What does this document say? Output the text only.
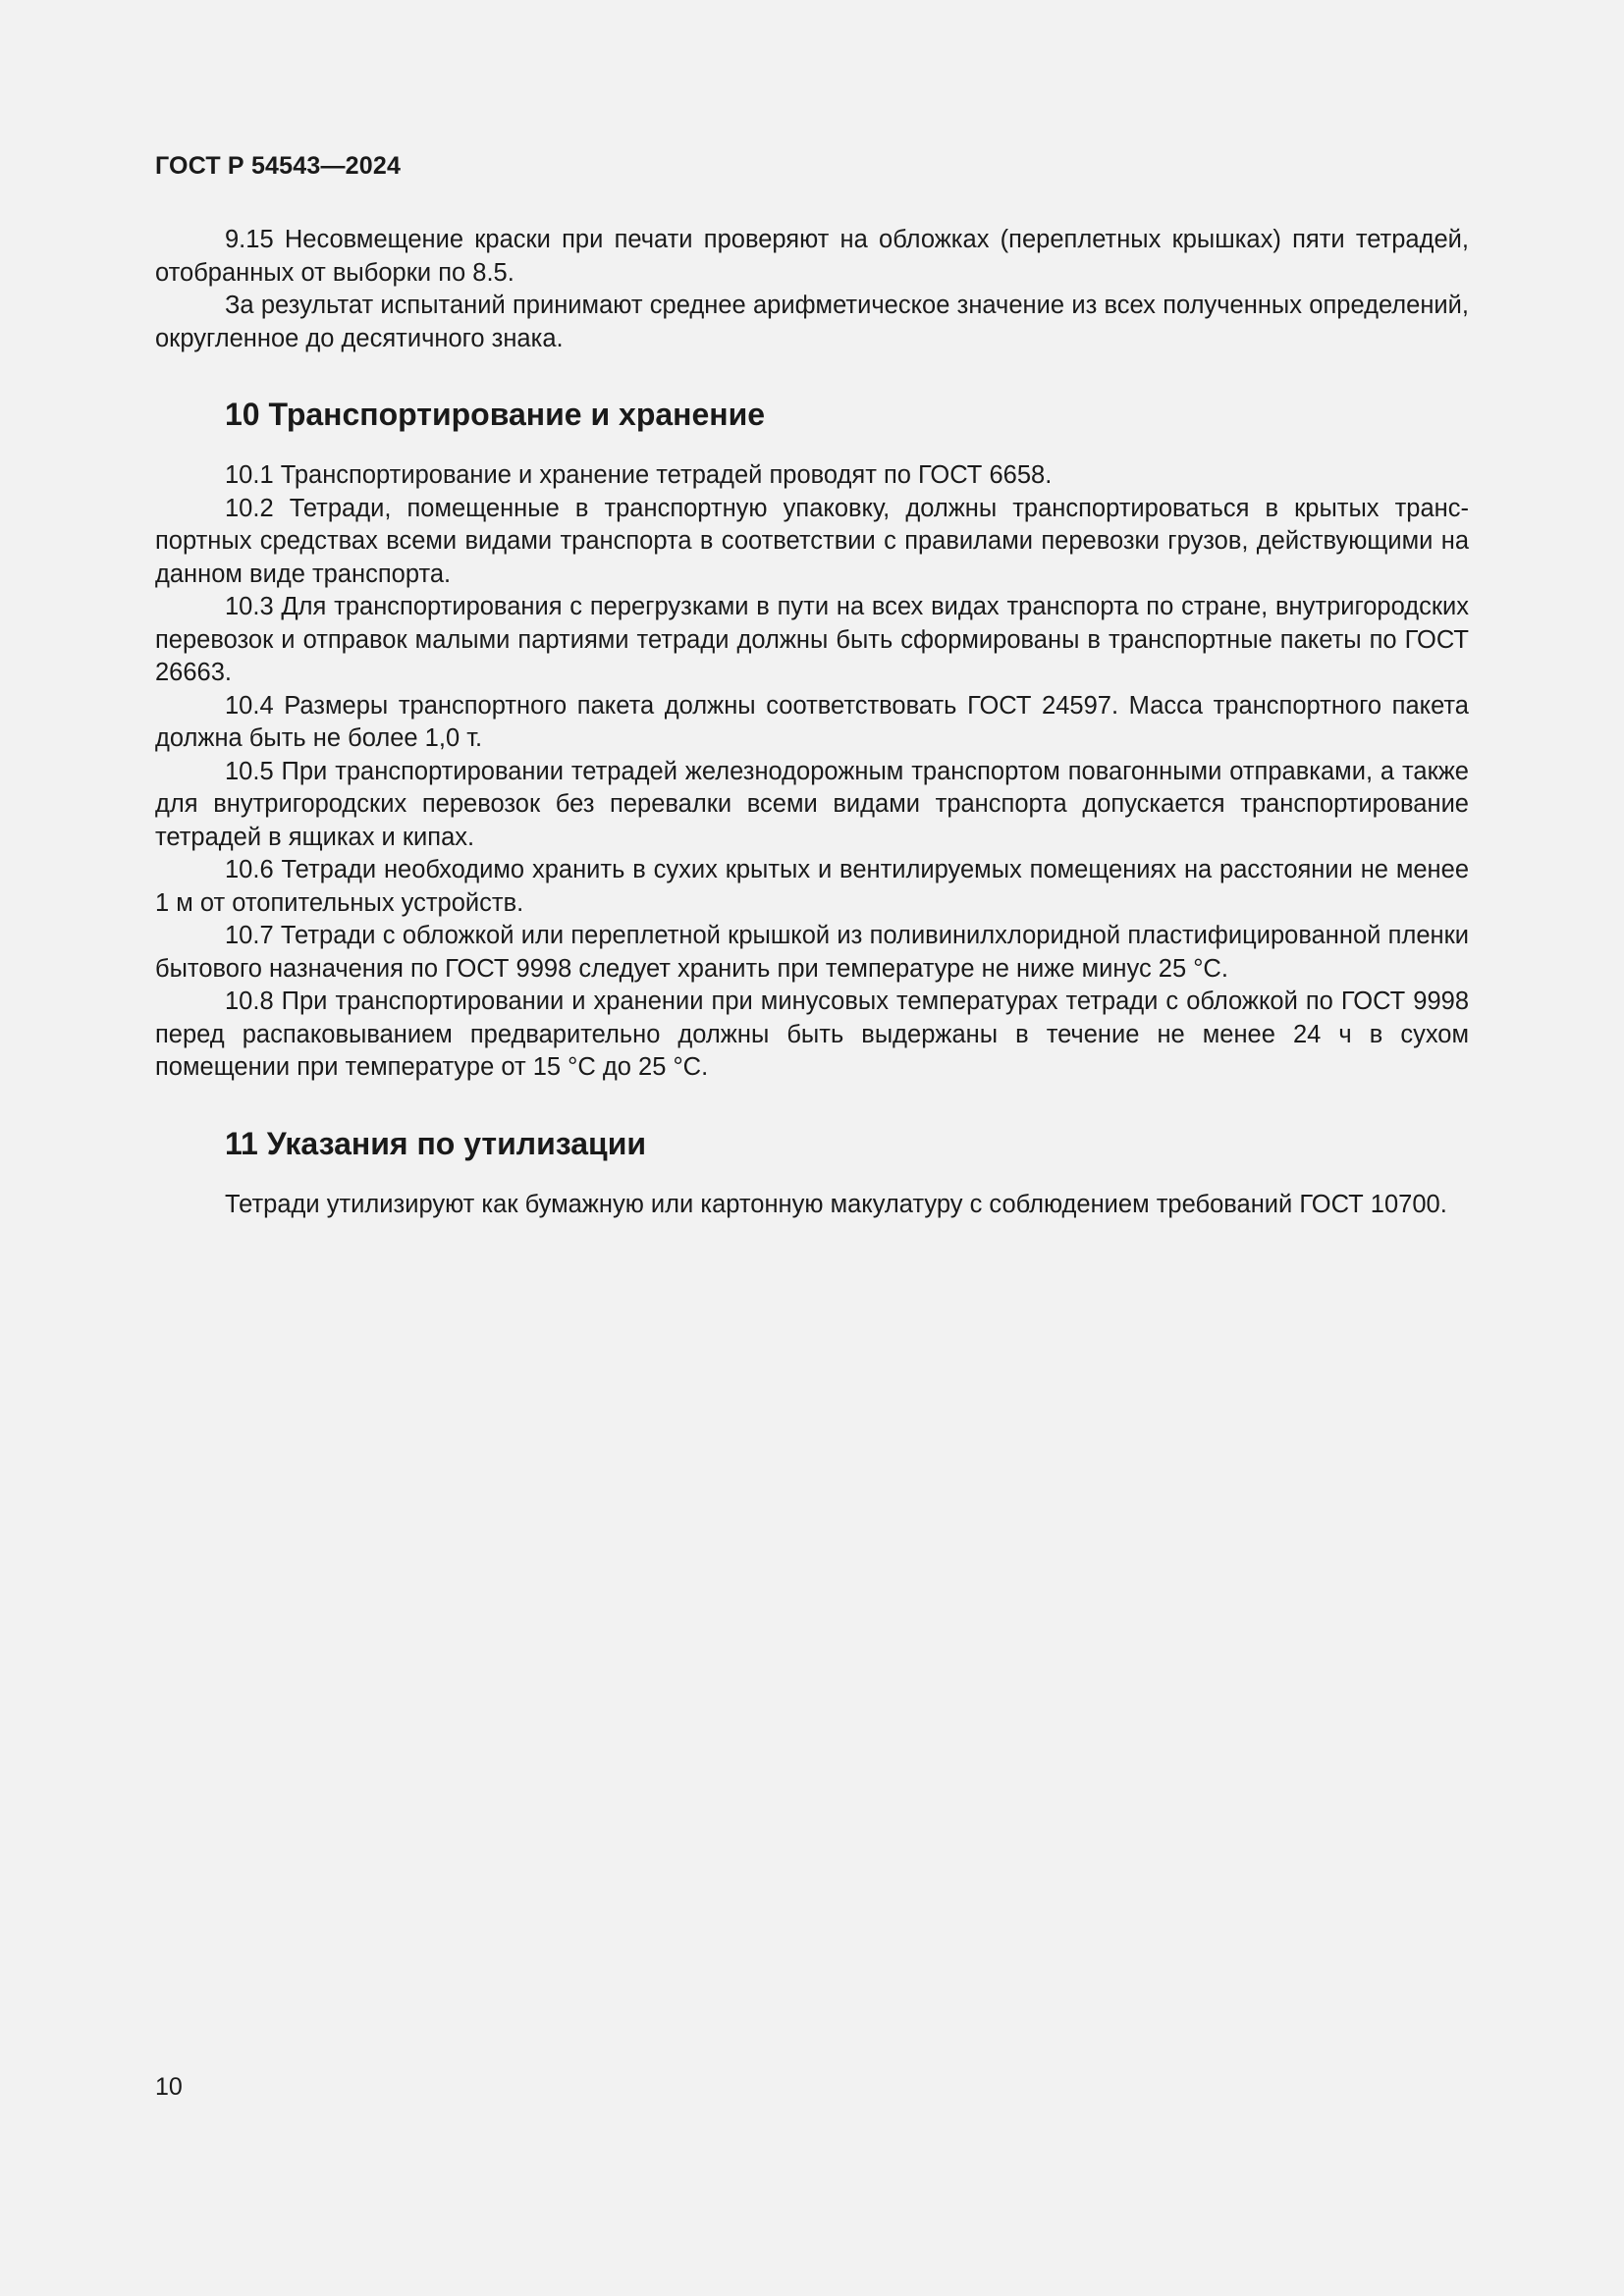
ГОСТ Р 54543—2024

9.15 Несовмещение краски при печати проверяют на обложках (переплетных крышках) пяти тетрадей, отобранных от выборки по 8.5.

За результат испытаний принимают среднее арифметическое значение из всех полученных определений, округленное до десятичного знака.

10 Транспортирование и хранение

10.1 Транспортирование и хранение тетрадей проводят по ГОСТ 6658.

10.2 Тетради, помещенные в транспортную упаковку, должны транспортироваться в крытых транспортных средствах всеми видами транспорта в соответствии с правилами перевозки грузов, действующими на данном виде транспорта.

10.3 Для транспортирования с перегрузками в пути на всех видах транспорта по стране, внутригородских перевозок и отправок малыми партиями тетради должны быть сформированы в транспортные пакеты по ГОСТ 26663.

10.4 Размеры транспортного пакета должны соответствовать ГОСТ 24597. Масса транспортного пакета должна быть не более 1,0 т.

10.5 При транспортировании тетрадей железнодорожным транспортом повагонными отправками, а также для внутригородских перевозок без перевалки всеми видами транспорта допускается транспортирование тетрадей в ящиках и кипах.

10.6 Тетради необходимо хранить в сухих крытых и вентилируемых помещениях на расстоянии не менее 1 м от отопительных устройств.

10.7 Тетради с обложкой или переплетной крышкой из поливинилхлоридной пластифицированной пленки бытового назначения по ГОСТ 9998 следует хранить при температуре не ниже минус 25 °С.

10.8 При транспортировании и хранении при минусовых температурах тетради с обложкой по ГОСТ 9998 перед распаковыванием предварительно должны быть выдержаны в течение не менее 24 ч в сухом помещении при температуре от 15 °С до 25 °С.

11 Указания по утилизации

Тетради утилизируют как бумажную или картонную макулатуру с соблюдением требований ГОСТ 10700.

10
